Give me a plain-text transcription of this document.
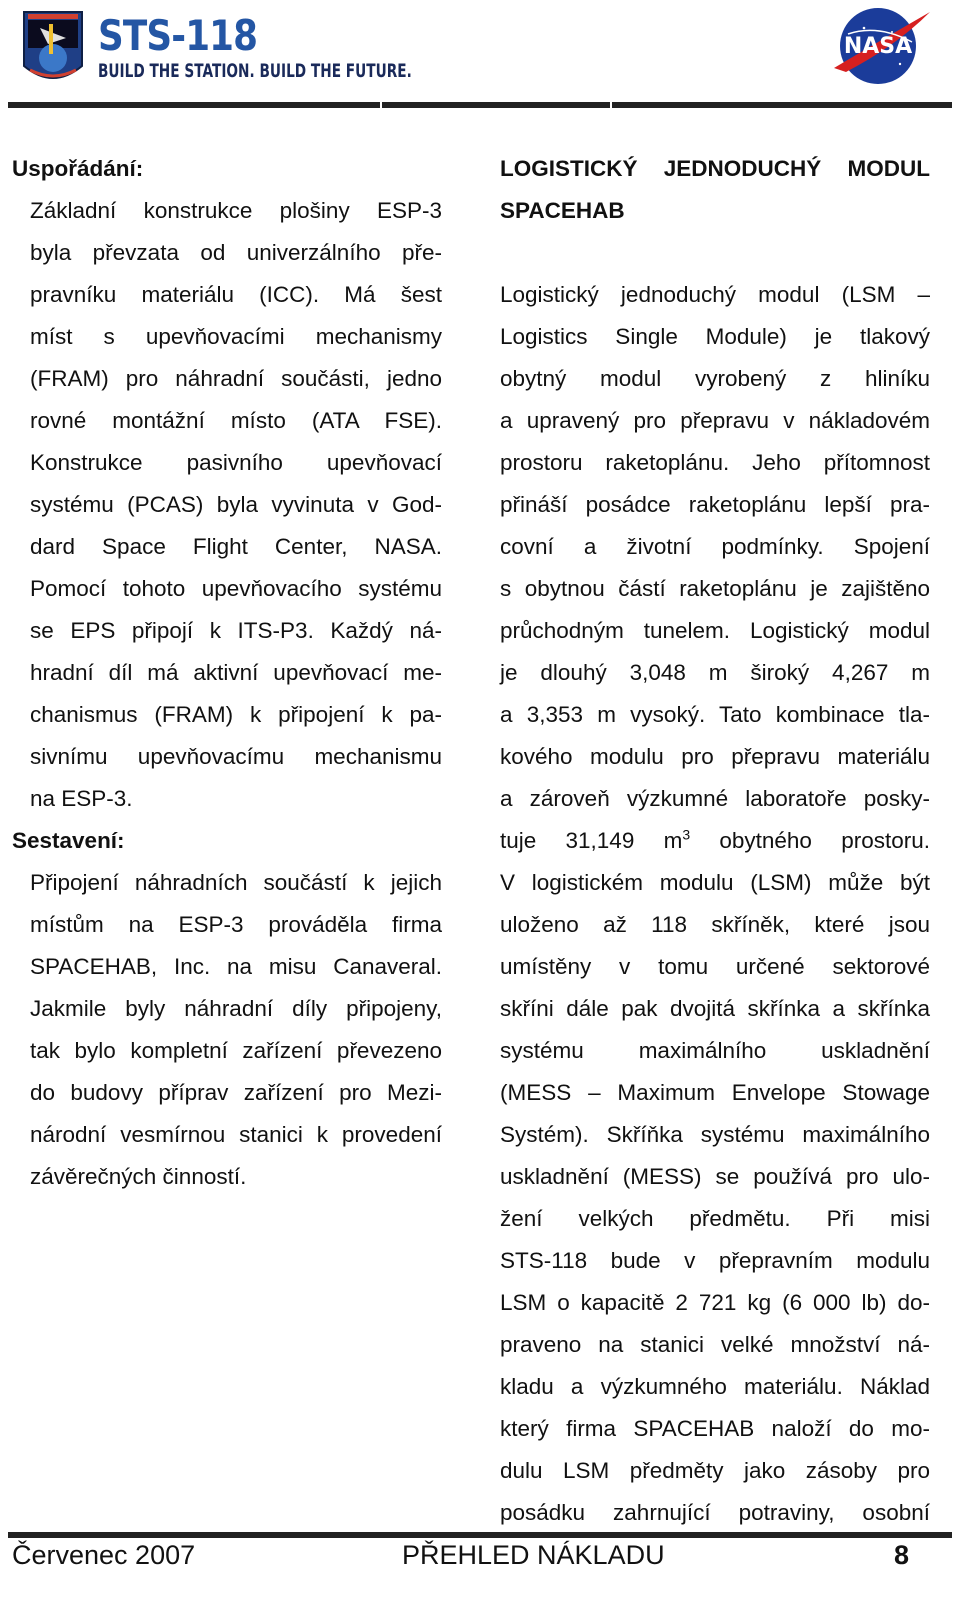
STS-118
BUILD THE STATION. BUILD THE FUTURE.
NASA
Uspořádání:
Základní konstrukce plošiny ESP-3
byla převzata od univerzálního pře-
pravníku materiálu (ICC). Má šest
míst s upevňovacími mechanismy
(FRAM) pro náhradní součásti, jedno
rovné montážní místo (ATA FSE).
Konstrukce pasivního upevňovací
systému (PCAS) byla vyvinuta v God-
dard Space Flight Center, NASA.
Pomocí tohoto upevňovacího systému
se EPS připojí k ITS-P3. Každý ná-
hradní díl má aktivní upevňovací me-
chanismus (FRAM) k připojení k pa-
sivnímu upevňovacímu mechanismu
na ESP-3.
Sestavení:
Připojení náhradních součástí k jejich
místům na ESP-3 prováděla firma
SPACEHAB, Inc. na misu Canaveral.
Jakmile byly náhradní díly připojeny,
tak bylo kompletní zařízení převezeno
do budovy příprav zařízení pro Mezi-
národní vesmírnou stanici k provedení
závěrečných činností.
LOGISTICKÝ JEDNODUCHÝ MODUL
SPACEHAB
Logistický jednoduchý modul (LSM –
Logistics Single Module) je tlakový
obytný modul vyrobený z hliníku
a upravený pro přepravu v nákladovém
prostoru raketoplánu. Jeho přítomnost
přináší posádce raketoplánu lepší pra-
covní a životní podmínky. Spojení
s obytnou částí raketoplánu je zajištěno
průchodným tunelem. Logistický modul
je dlouhý 3,048 m široký 4,267 m
a 3,353 m vysoký. Tato kombinace tla-
kového modulu pro přepravu materiálu
a zároveň výzkumné laboratoře posky-
tuje 31,149 $m^3$ obytného prostoru.
V logistickém modulu (LSM) může být
uloženo až 118 skříněk, které jsou
umístěny v tomu určené sektorové
skříni dále pak dvojitá skřínka a skřínka
systému maximálního uskladnění
(MESS – Maximum Envelope Stowage
Systém). Skříňka systému maximálního
uskladnění (MESS) se používá pro ulo-
žení velkých předmětu. Při misi
STS-118 bude v přepravním modulu
LSM o kapacitě 2 721 kg (6 000 lb) do-
praveno na stanici velké množství ná-
kladu a výzkumného materiálu. Náklad
který firma SPACEHAB naloží do mo-
dulu LSM předměty jako zásoby pro
posádku zahrnující potraviny, osobní
Červenec 2007	PŘEHLED NÁKLADU	8
